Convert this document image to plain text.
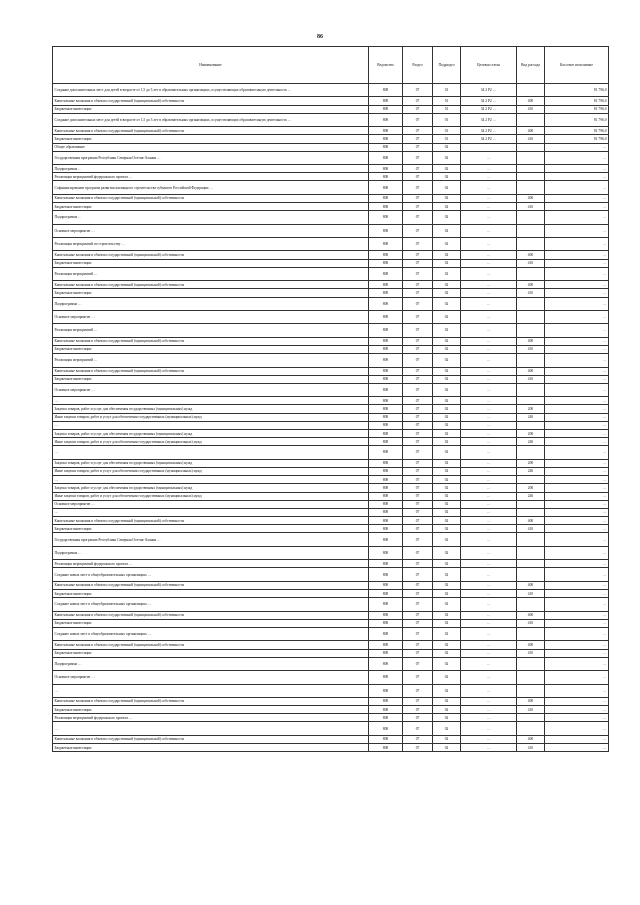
86
Наименование	Ведомство	Раздел	Подраздел	Целевая статья	Вид расхода	Кассовое исполнение
Создание дополнительных мест для детей в возрасте от 1,5 до 3 лет в образовательных организациях, осуществляющих образовательную деятельность …	808	07	01	34 2 Р2 …		81 796,0
Капитальные вложения в объекты государственной (муниципальной) собственности	808	07	01	34 2 Р2 …	400	81 796,0
Бюджетные инвестиции	808	07	01	34 2 Р2 …	410	81 796,0
Создание дополнительных мест для детей в возрасте от 1,5 до 3 лет в образовательных организациях, осуществляющих образовательную деятельность …	808	07	01	34 2 Р2 …		81 796,0
Капитальные вложения в объекты государственной (муниципальной) собственности	808	07	01	34 2 Р2 …	400	81 796,0
Бюджетные инвестиции	808	07	01	34 2 Р2 …	410	81 796,0
Общее образование	808	07	02			…
Государственная программа Республики Северная Осетия-Алания …	808	07	02	…		…
Подпрограмма …	808	07	02	…		…
Реализация мероприятий федерального проекта …	808	07	02	…		…
Софинансирование программ развития жилищного строительства субъектов Российской Федерации …	808	07	02	…		…
Капитальные вложения в объекты государственной (муниципальной) собственности	808	07	02	…	400	…
Бюджетные инвестиции	808	07	02	…	410	…
Подпрограмма …	808	07	02	…		…
Основное мероприятие …	808	07	02	…		…
Реализация мероприятий по строительству …	808	07	02	…		…
Капитальные вложения в объекты государственной (муниципальной) собственности	808	07	02	…	400	…
Бюджетные инвестиции	808	07	02	…	410	…
Реализация мероприятий …	808	07	02	…		…
Капитальные вложения в объекты государственной (муниципальной) собственности	808	07	02	…	400	…
Бюджетные инвестиции	808	07	02	…	410	…
Подпрограмма …	808	07	02	…		…
Основное мероприятие …	808	07	02	…		…
Реализация мероприятий …	808	07	02	…		…
Капитальные вложения в объекты государственной (муниципальной) собственности	808	07	02	…	400	…
Бюджетные инвестиции	808	07	02	…	410	…
Реализация мероприятий …	808	07	02	…		…
Капитальные вложения в объекты государственной (муниципальной) собственности	808	07	02	…	400	…
Бюджетные инвестиции	808	07	02	…	410	…
Основное мероприятие …	808	07	02	…		…
…	808	07	02	…		…
Закупка товаров, работ и услуг для обеспечения государственных (муниципальных) нужд	808	07	02	…	200	…
Иные закупки товаров, работ и услуг для обеспечения государственных (муниципальных) нужд	808	07	02	…	240	…
…	808	07	02	…		…
Закупка товаров, работ и услуг для обеспечения государственных (муниципальных) нужд	808	07	02	…	200	…
Иные закупки товаров, работ и услуг для обеспечения государственных (муниципальных) нужд	808	07	02	…	240	…
…	808	07	02	…		…
Закупка товаров, работ и услуг для обеспечения государственных (муниципальных) нужд	808	07	02	…	200	…
Иные закупки товаров, работ и услуг для обеспечения государственных (муниципальных) нужд	808	07	02	…	240	…
…	808	07	02	…		…
Закупка товаров, работ и услуг для обеспечения государственных (муниципальных) нужд	808	07	02	…	200	…
Иные закупки товаров, работ и услуг для обеспечения государственных (муниципальных) нужд	808	07	02	…	240	…
Основное мероприятие …	808	07	02	…		…
…	808	07	02	…		…
Капитальные вложения в объекты государственной (муниципальной) собственности	808	07	02	…	400	…
Бюджетные инвестиции	808	07	02	…	410	…
Государственная программа Республики Северная Осетия-Алания …	808	07	02	…		…
Подпрограмма …	808	07	02	…		…
Реализация мероприятий федерального проекта …	808	07	02	…		…
Создание новых мест в общеобразовательных организациях …	808	07	02	…		…
Капитальные вложения в объекты государственной (муниципальной) собственности	808	07	02	…	400	…
Бюджетные инвестиции	808	07	02	…	410	…
Создание новых мест в общеобразовательных организациях …	808	07	02	…		…
Капитальные вложения в объекты государственной (муниципальной) собственности	808	07	02	…	400	…
Бюджетные инвестиции	808	07	02	…	410	…
Создание новых мест в общеобразовательных организациях …	808	07	02	…		…
Капитальные вложения в объекты государственной (муниципальной) собственности	808	07	02	…	400	…
Бюджетные инвестиции	808	07	02	…	410	…
Подпрограмма …	808	07	02	…		…
Основное мероприятие …	808	07	02	…		…
…	808	07	02	…		…
Капитальные вложения в объекты государственной (муниципальной) собственности	808	07	02	…	400	…
Бюджетные инвестиции	808	07	02	…	410	…
Реализация мероприятий федерального проекта …	808	07	02	…		…
…	808	07	02	…		…
Капитальные вложения в объекты государственной (муниципальной) собственности	808	07	02	…	400	…
Бюджетные инвестиции	808	07	02	…	410	…
